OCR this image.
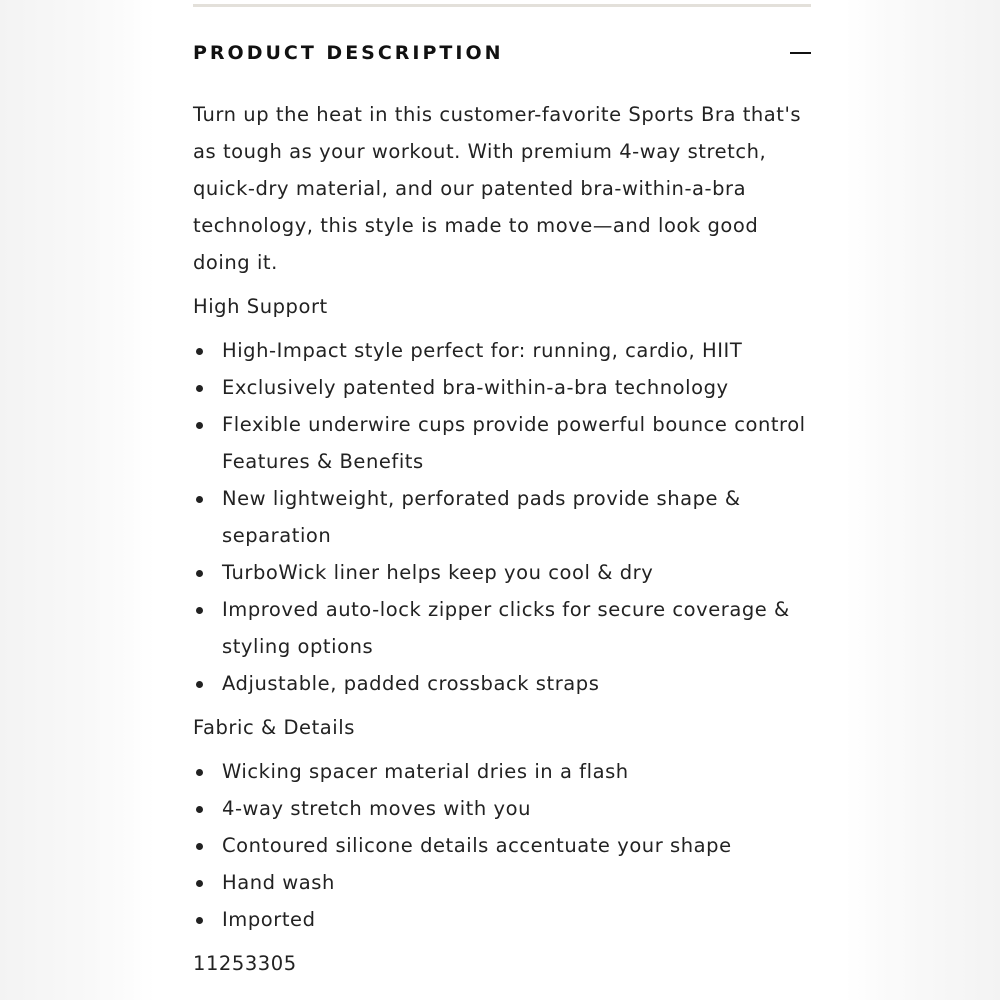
PRODUCT DESCRIPTION

Turn up the heat in this customer-favorite Sports Bra that's as tough as your workout. With premium 4-way stretch, quick-dry material, and our patented bra-within-a-bra technology, this style is made to move—and look good doing it.

High Support

High-Impact style perfect for: running, cardio, HIIT
Exclusively patented bra-within-a-bra technology
Flexible underwire cups provide powerful bounce control Features & Benefits
New lightweight, perforated pads provide shape & separation
TurboWick liner helps keep you cool & dry
Improved auto-lock zipper clicks for secure coverage & styling options
Adjustable, padded crossback straps

Fabric & Details

Wicking spacer material dries in a flash
4-way stretch moves with you
Contoured silicone details accentuate your shape
Hand wash
Imported

11253305
